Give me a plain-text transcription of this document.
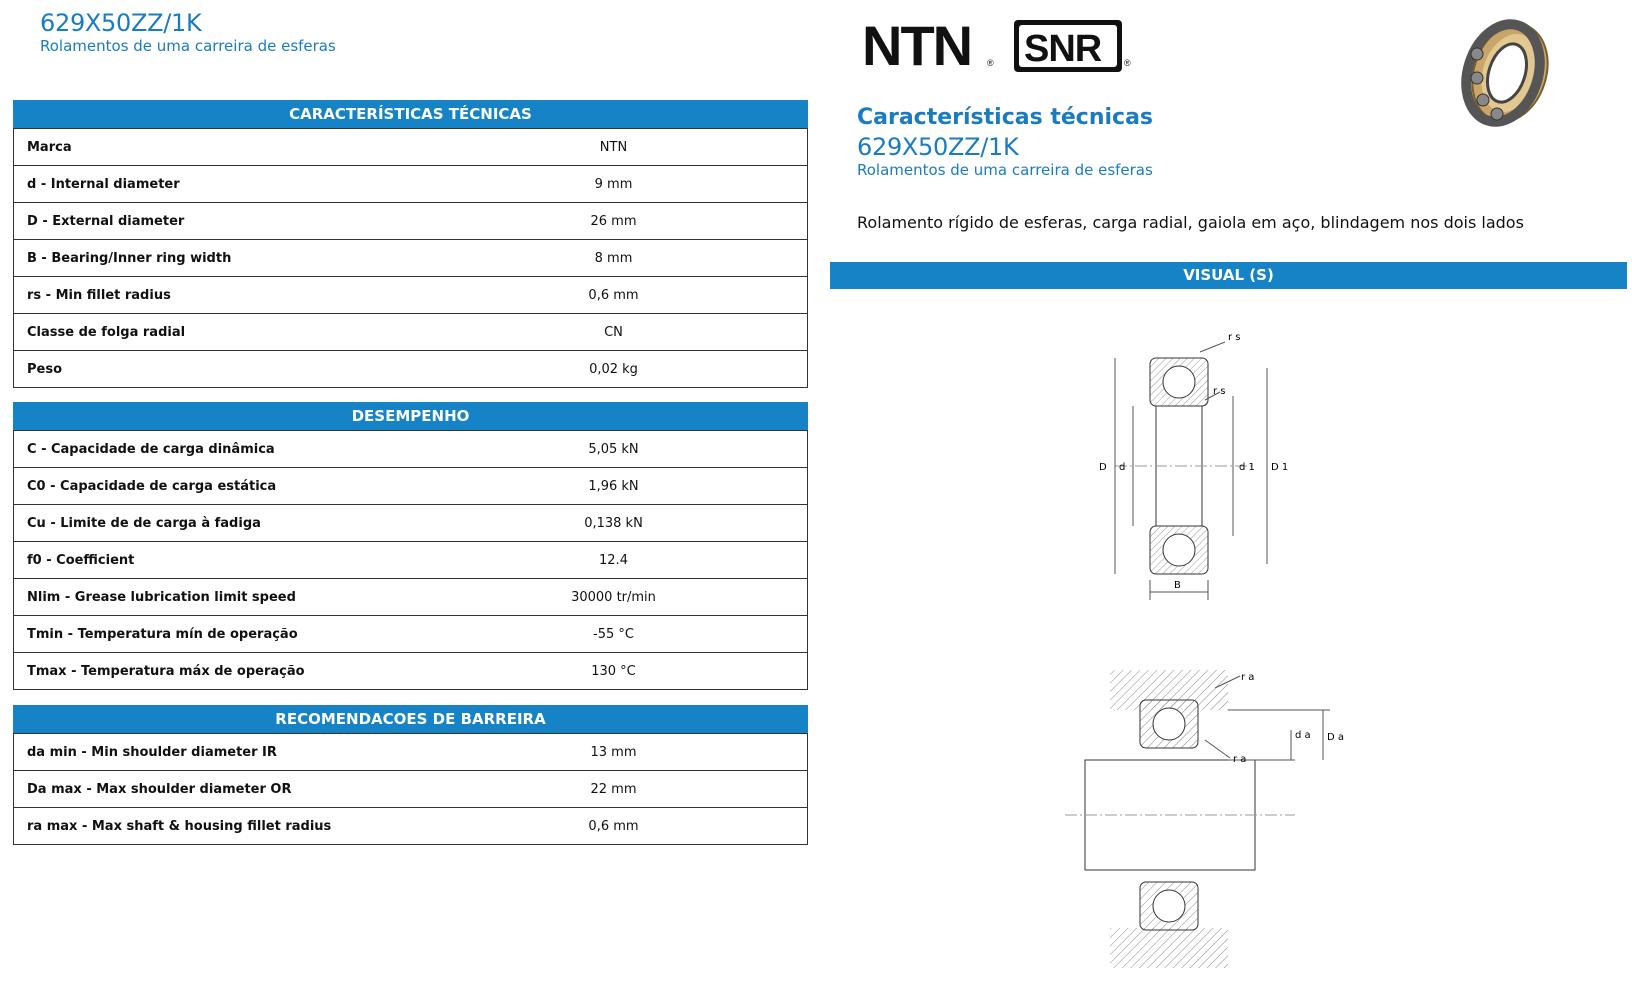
629X50ZZ/1K
Rolamentos de uma carreira de esferas
CARACTERÍSTICAS TÉCNICAS
Marca	NTN
d - Internal diameter	9 mm
D - External diameter	26 mm
B - Bearing/Inner ring width	8 mm
rs - Min fillet radius	0,6 mm
Classe de folga radial	CN
Peso	0,02 kg
DESEMPENHO
C - Capacidade de carga dinâmica	5,05 kN
C0 - Capacidade de carga estática	1,96 kN
Cu - Limite de de carga à fadiga	0,138 kN
f0 - Coefficient	12.4
Nlim - Grease lubrication limit speed	30000 tr/min
Tmin - Temperatura mín de operação	-55 °C
Tmax - Temperatura máx de operação	130 °C
RECOMENDACOES DE BARREIRA
da min - Min shoulder diameter IR	13 mm
Da max - Max shoulder diameter OR	22 mm
ra max - Max shaft & housing fillet radius	0,6 mm
NTN ® SNR	®
Características técnicas
629X50ZZ/1K
Rolamentos de uma carreira de esferas
Rolamento rígido de esferas, carga radial, gaiola em aço, blindagem nos dois lados
VISUAL (S)
D d	d 1 D 1
B
r s
r s
r a
r a
D a
d a
